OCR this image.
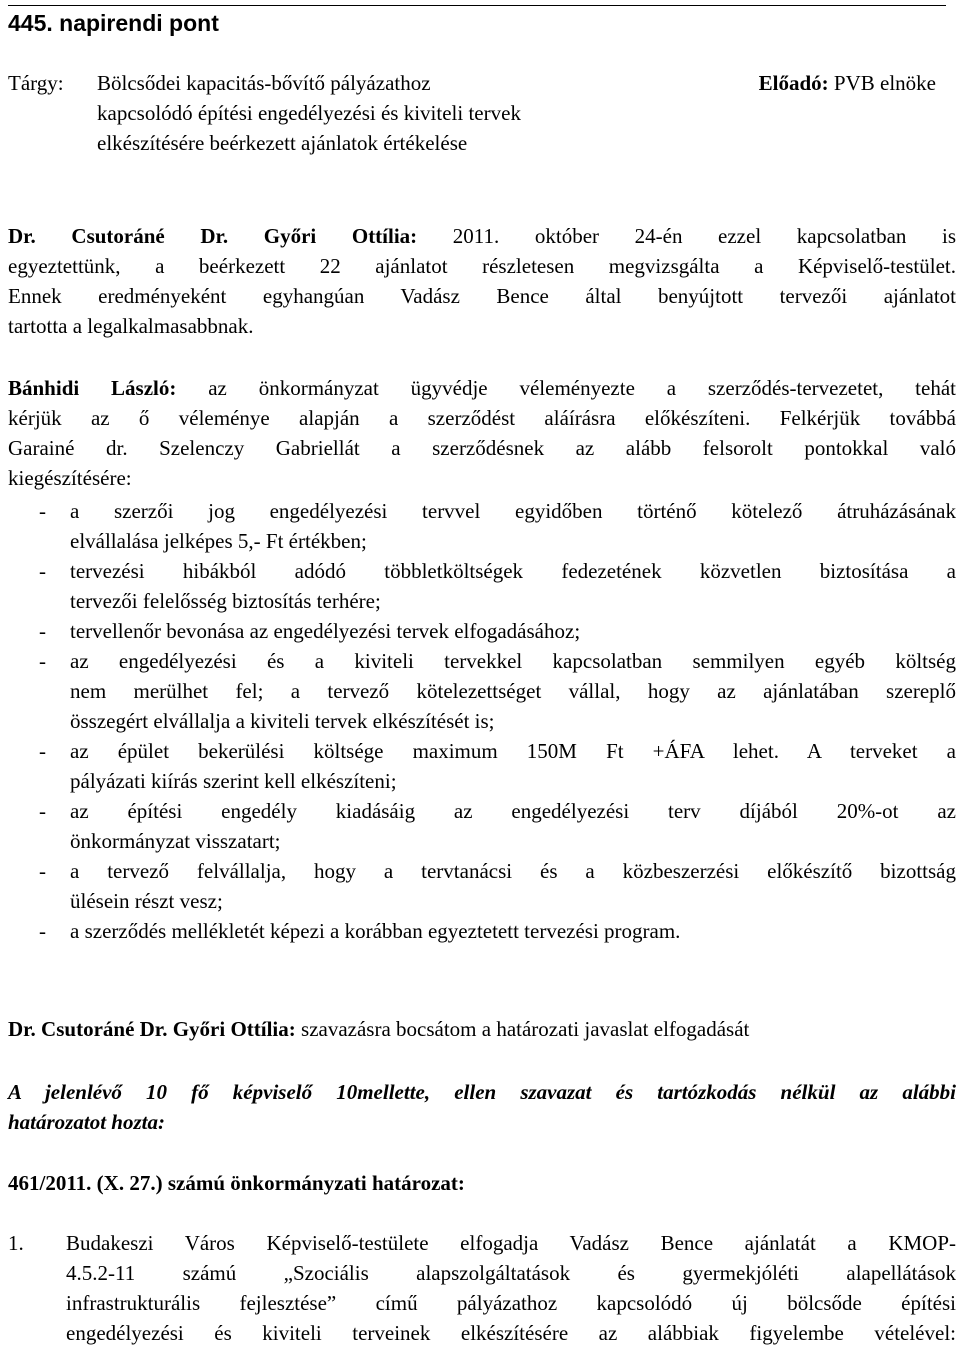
445. napirendi pont
Tárgy: Bölcsődei kapacitás-bővítő pályázathoz
kapcsolódó építési engedélyezési és kiviteli tervek
elkészítésére beérkezett ajánlatok értékelése
Előadó: PVB elnöke

Dr. Csutoráné Dr. Győri Ottília: 2011. október 24-én ezzel kapcsolatban is

egyeztettünk, a beérkezett 22 ajánlatot részletesen megvizsgálta a Képviselő-testület.

Ennek eredményeként egyhangúan Vadász Bence által benyújtott tervezői ajánlatot

tartotta a legalkalmasabbnak.

Bánhidi László: az önkormányzat ügyvédje véleményezte a szerződés-tervezetet, tehát

kérjük az ő véleménye alapján a szerződést aláírásra előkészíteni. Felkérjük továbbá

Garainé dr. Szelenczy Gabriellát a szerződésnek az alább felsorolt pontokkal való

kiegészítésére:

- a szerzői jog engedélyezési tervvel egyidőben történő kötelező átruházásának

elvállalása jelképes 5,- Ft értékben;

- tervezési hibákból adódó többletköltségek fedezetének közvetlen biztosítása a

tervezői felelősség biztosítás terhére;

- tervellenőr bevonása az engedélyezési tervek elfogadásához;

- az engedélyezési és a kiviteli tervekkel kapcsolatban semmilyen egyéb költség

nem merülhet fel; a tervező kötelezettséget vállal, hogy az ajánlatában szereplő

összegért elvállalja a kiviteli tervek elkészítését is;

- az épület bekerülési költsége maximum 150M Ft +ÁFA lehet. A terveket a

pályázati kiírás szerint kell elkészíteni;

- az építési engedély kiadásáig az engedélyezési terv díjából 20%-ot az

önkormányzat visszatart;

- a tervező felvállalja, hogy a tervtanácsi és a közbeszerzési előkészítő bizottság

ülésein részt vesz;

- a szerződés mellékletét képezi a korábban egyeztetett tervezési program.

Dr. Csutoráné Dr. Győri Ottília: szavazásra bocsátom a határozati javaslat elfogadását

A jelenlévő 10 fő képviselő 10mellette, ellen szavazat és tartózkodás nélkül az alábbi

határozatot hozta:

461/2011. (X. 27.) számú önkormányzati határozat:
1. Budakeszi Város Képviselő-testülete elfogadja Vadász Bence ajánlatát a KMOP-

4.5.2-11 számú „Szociális alapszolgáltatások és gyermekjóléti alapellátások

infrastrukturális fejlesztése” című pályázathoz kapcsolódó új bölcsőde építési

engedélyezési és kiviteli terveinek elkészítésére az alábbiak figyelembe vételével:
